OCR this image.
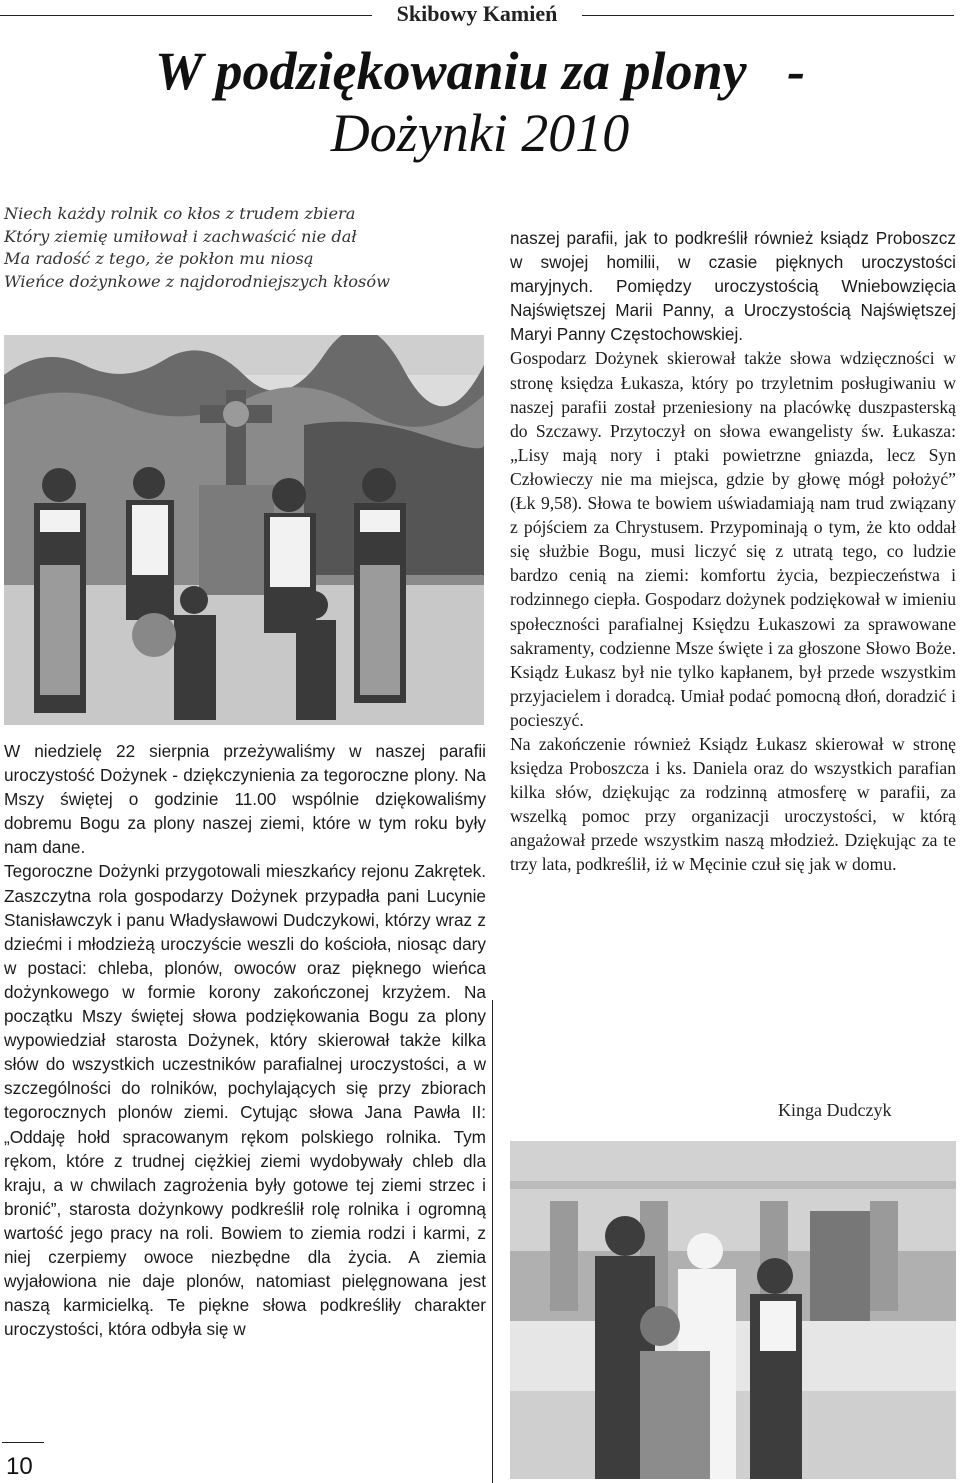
Skibowy Kamień
W podziękowaniu za plony   -
Dożynki 2010
Niech każdy rolnik co kłos z trudem zbiera
Który ziemię umiłował i zachwaścić nie dał
Ma radość z tego, że pokłon mu niosą
Wieńce dożynkowe z najdorodniejszych kłosów

W niedzielę 22 sierpnia przeżywaliśmy w naszej parafii uroczystość Dożynek - dziękczynienia za tegoroczne plony. Na Mszy świętej o godzinie 11.00 wspólnie dziękowaliśmy dobremu Bogu za plony naszej ziemi, które w tym roku były nam dane.

Tegoroczne Dożynki przygotowali mieszkańcy rejonu Zakrętek. Zaszczytna rola gospodarzy Dożynek przypadła pani Lucynie Stanisławczyk i panu Władysławowi Dudczykowi, którzy wraz z dziećmi i młodzieżą uroczyście weszli do kościoła, niosąc dary w postaci: chleba, plonów, owoców oraz pięknego wieńca dożynkowego w formie korony zakończonej krzyżem. Na początku Mszy świętej słowa podziękowania Bogu za plony wypowiedział starosta Dożynek, który skierował także kilka słów do wszystkich uczestników parafialnej uroczystości, a w szczególności do rolników, pochylających się przy zbiorach tegorocznych plonów ziemi. Cytując słowa Jana Pawła II: „Oddaję hołd spracowanym rękom polskiego rolnika. Tym rękom, które z trudnej ciężkiej ziemi wydobywały chleb dla kraju, a w chwilach zagrożenia były gotowe tej ziemi strzec i bronić”, starosta dożynkowy podkreślił rolę rolnika i ogromną wartość jego pracy na roli. Bowiem to ziemia rodzi i karmi, z niej czerpiemy owoce niezbędne dla życia. A ziemia wyjałowiona nie daje plonów, natomiast pielęgnowana jest naszą karmicielką. Te piękne słowa podkreśliły charakter uroczystości, która odbyła się w

naszej parafii, jak to podkreślił również ksiądz Proboszcz w swojej homilii, w czasie pięknych uroczystości maryjnych. Pomiędzy uroczystością Wniebowzięcia Najświętszej Marii Panny, a Uroczystością Najświętszej Maryi Panny Częstochowskiej.

Gospodarz Dożynek skierował także słowa wdzięczności w stronę księdza Łukasza, który po trzyletnim posługiwaniu w naszej parafii został przeniesiony na placówkę duszpasterską do Szczawy. Przytoczył on słowa ewangelisty św. Łukasza: „Lisy mają nory i ptaki powietrzne gniazda, lecz Syn Człowieczy nie ma miejsca, gdzie by głowę mógł położyć” (Łk 9,58). Słowa te bowiem uświadamiają nam trud związany z pójściem za Chrystusem. Przypominają o tym, że kto oddał się służbie Bogu, musi liczyć się z utratą tego, co ludzie bardzo cenią na ziemi: komfortu życia, bezpieczeństwa i rodzinnego ciepła. Gospodarz dożynek podziękował w imieniu społeczności parafialnej Księdzu Łukaszowi za sprawowane sakramenty, codzienne Msze święte i za głoszone Słowo Boże. Ksiądz Łukasz był nie tylko kapłanem, był przede wszystkim przyjacielem i doradcą. Umiał podać pomocną dłoń, doradzić i pocieszyć.

Na zakończenie również Ksiądz Łukasz skierował w stronę księdza Proboszcza i ks. Daniela oraz do wszystkich parafian kilka słów, dziękując za rodzinną atmosferę w parafii, za wszelką pomoc przy organizacji uroczystości, w którą angażował przede wszystkim naszą młodzież. Dziękując za te trzy lata, podkreślił, iż w Męcinie czuł się jak w domu.

Kinga Dudczyk
10
